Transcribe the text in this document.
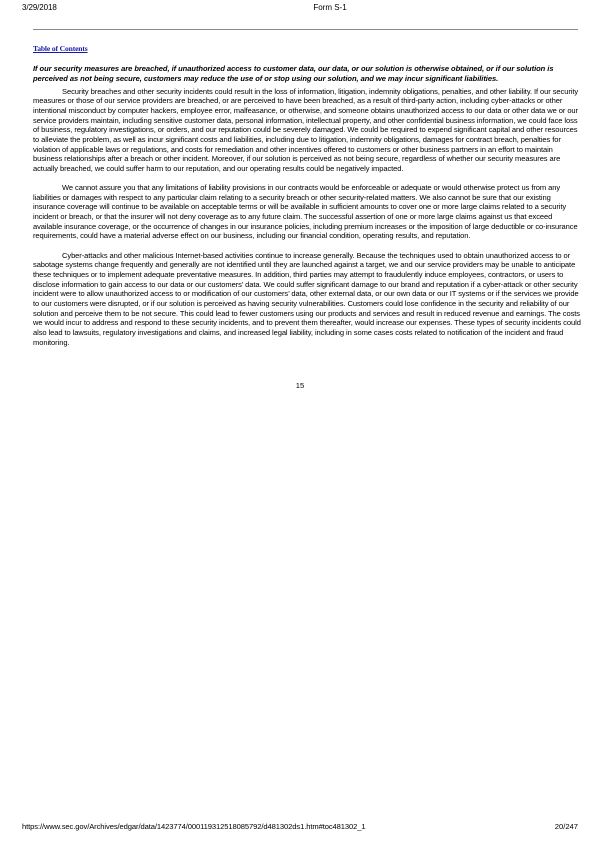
3/29/2018	Form S-1
Table of Contents

If our security measures are breached, if unauthorized access to customer data, our data, or our solution is otherwise obtained, or if our solution is perceived as not being secure, customers may reduce the use of or stop using our solution, and we may incur significant liabilities.

Security breaches and other security incidents could result in the loss of information, litigation, indemnity obligations, penalties, and other liability. If our security measures or those of our service providers are breached, or are perceived to have been breached, as a result of third-party action, including cyber-attacks or other intentional misconduct by computer hackers, employee error, malfeasance, or otherwise, and someone obtains unauthorized access to our data or other data we or our service providers maintain, including sensitive customer data, personal information, intellectual property, and other confidential business information, we could face loss of business, regulatory investigations, or orders, and our reputation could be severely damaged. We could be required to expend significant capital and other resources to alleviate the problem, as well as incur significant costs and liabilities, including due to litigation, indemnity obligations, damages for contract breach, penalties for violation of applicable laws or regulations, and costs for remediation and other incentives offered to customers or other business partners in an effort to maintain business relationships after a breach or other incident. Moreover, if our solution is perceived as not being secure, regardless of whether our security measures are actually breached, we could suffer harm to our reputation, and our operating results could be negatively impacted.

We cannot assure you that any limitations of liability provisions in our contracts would be enforceable or adequate or would otherwise protect us from any liabilities or damages with respect to any particular claim relating to a security breach or other security-related matters. We also cannot be sure that our existing insurance coverage will continue to be available on acceptable terms or will be available in sufficient amounts to cover one or more large claims related to a security incident or breach, or that the insurer will not deny coverage as to any future claim. The successful assertion of one or more large claims against us that exceed available insurance coverage, or the occurrence of changes in our insurance policies, including premium increases or the imposition of large deductible or co-insurance requirements, could have a material adverse effect on our business, including our financial condition, operating results, and reputation.

Cyber-attacks and other malicious Internet-based activities continue to increase generally. Because the techniques used to obtain unauthorized access to or sabotage systems change frequently and generally are not identified until they are launched against a target, we and our service providers may be unable to anticipate these techniques or to implement adequate preventative measures. In addition, third parties may attempt to fraudulently induce employees, contractors, or users to disclose information to gain access to our data or our customers’ data. We could suffer significant damage to our brand and reputation if a cyber-attack or other security incident were to allow unauthorized access to or modification of our customers’ data, other external data, or our own data or our IT systems or if the services we provide to our customers were disrupted, or if our solution is perceived as having security vulnerabilities. Customers could lose confidence in the security and reliability of our solution and perceive them to be not secure. This could lead to fewer customers using our products and services and result in reduced revenue and earnings. The costs we would incur to address and respond to these security incidents, and to prevent them thereafter, would increase our expenses. These types of security incidents could also lead to lawsuits, regulatory investigations and claims, and increased legal liability, including in some cases costs related to notification of the incident and fraud monitoring.

15
https://www.sec.gov/Archives/edgar/data/1423774/000119312518085792/d481302ds1.htm#toc481302_1	20/247
